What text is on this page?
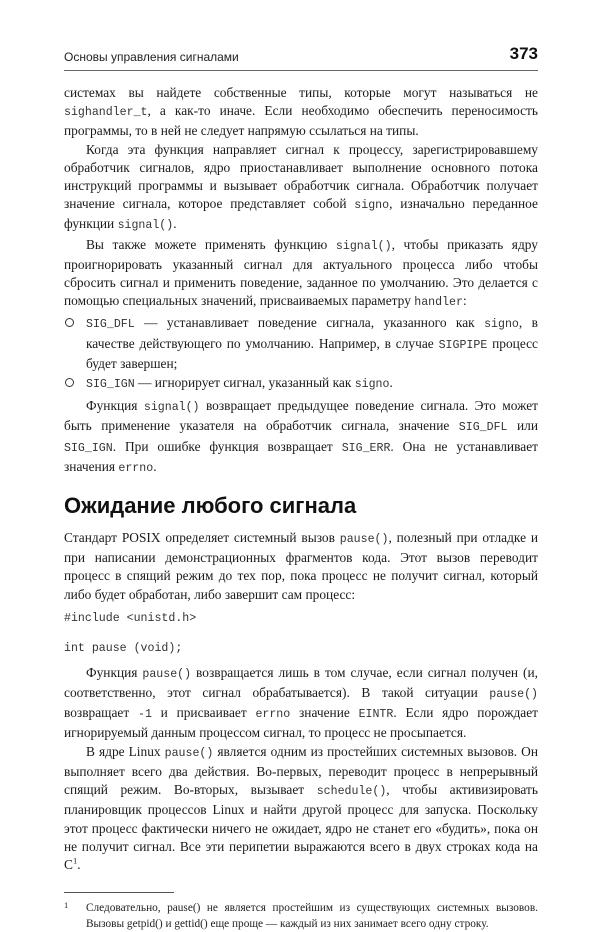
Основы управления сигналами	373

системах вы найдете собственные типы, которые могут называться не sighandler_t, а как-то иначе. Если необходимо обеспечить переносимость программы, то в ней не следует напрямую ссылаться на типы.

Когда эта функция направляет сигнал к процессу, зарегистрировавшему обработчик сигналов, ядро приостанавливает выполнение основного потока инструкций программы и вызывает обработчик сигнала. Обработчик получает значение сигнала, которое представляет собой signo, изначально переданное функции signal().

Вы также можете применять функцию signal(), чтобы приказать ядру проигнорировать указанный сигнал для актуального процесса либо чтобы сбросить сигнал и применить поведение, заданное по умолчанию. Это делается с помощью специальных значений, присваиваемых параметру handler:

SIG_DFL — устанавливает поведение сигнала, указанного как signo, в качестве действующего по умолчанию. Например, в случае SIGPIPE процесс будет завершен;
SIG_IGN — игнорирует сигнал, указанный как signo.

Функция signal() возвращает предыдущее поведение сигнала. Это может быть применение указателя на обработчик сигнала, значение SIG_DFL или SIG_IGN. При ошибке функция возвращает SIG_ERR. Она не устанавливает значения errno.

Ожидание любого сигнала

Стандарт POSIX определяет системный вызов pause(), полезный при отладке и при написании демонстрационных фрагментов кода. Этот вызов переводит процесс в спящий режим до тех пор, пока процесс не получит сигнал, который либо будет обработан, либо завершит сам процесс:

#include <unistd.h>
int pause (void);

Функция pause() возвращается лишь в том случае, если сигнал получен (и, соответственно, этот сигнал обрабатывается). В такой ситуации pause() возвращает -1 и присваивает errno значение EINTR. Если ядро порождает игнорируемый данным процессом сигнал, то процесс не просыпается.

В ядре Linux pause() является одним из простейших системных вызовов. Он выполняет всего два действия. Во-первых, переводит процесс в непрерывный спящий режим. Во-вторых, вызывает schedule(), чтобы активизировать планировщик процессов Linux и найти другой процесс для запуска. Поскольку этот процесс фактически ничего не ожидает, ядро не станет его «будить», пока он не получит сигнал. Все эти перипетии выражаются всего в двух строках кода на $С^1$.

1 Следовательно, pause() не является простейшим из существующих системных вызовов. Вызовы getpid() и gettid() еще проще — каждый из них занимает всего одну строку.
